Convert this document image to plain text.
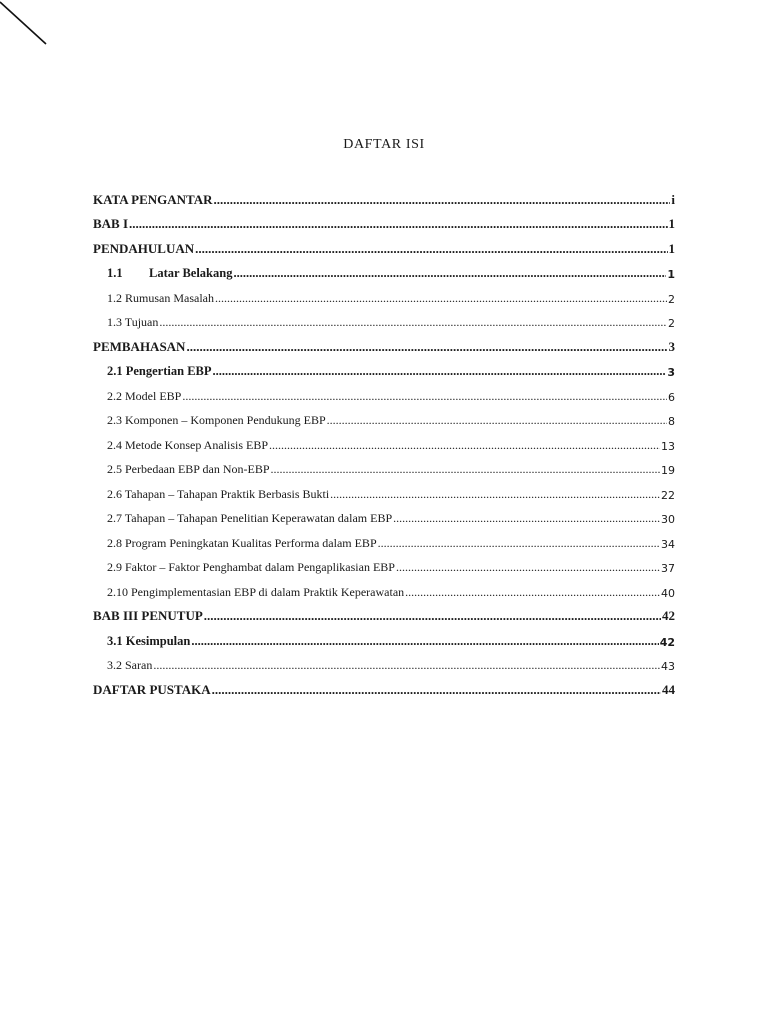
DAFTAR ISI
KATA PENGANTAR .....	i
BAB I .....	1
PENDAHULUAN .....	1
1.1 Latar Belakang .....	1
1.2 Rumusan Masalah .....	2
1.3 Tujuan .....	2
PEMBAHASAN .....	3
2.1 Pengertian EBP .....	3
2.2 Model EBP .....	6
2.3 Komponen – Komponen Pendukung EBP .....	8
2.4 Metode Konsep Analisis EBP .....	13
2.5 Perbedaan EBP dan Non-EBP .....	19
2.6 Tahapan – Tahapan Praktik Berbasis Bukti .....	22
2.7 Tahapan – Tahapan Penelitian Keperawatan dalam EBP .....	30
2.8 Program Peningkatan Kualitas Performa dalam EBP .....	34
2.9 Faktor – Faktor Penghambat dalam Pengaplikasian EBP .....	37
2.10 Pengimplementasian EBP di dalam Praktik Keperawatan .....	40
BAB III PENUTUP .....	42
3.1 Kesimpulan .....	42
3.2 Saran .....	43
DAFTAR PUSTAKA .....	44
